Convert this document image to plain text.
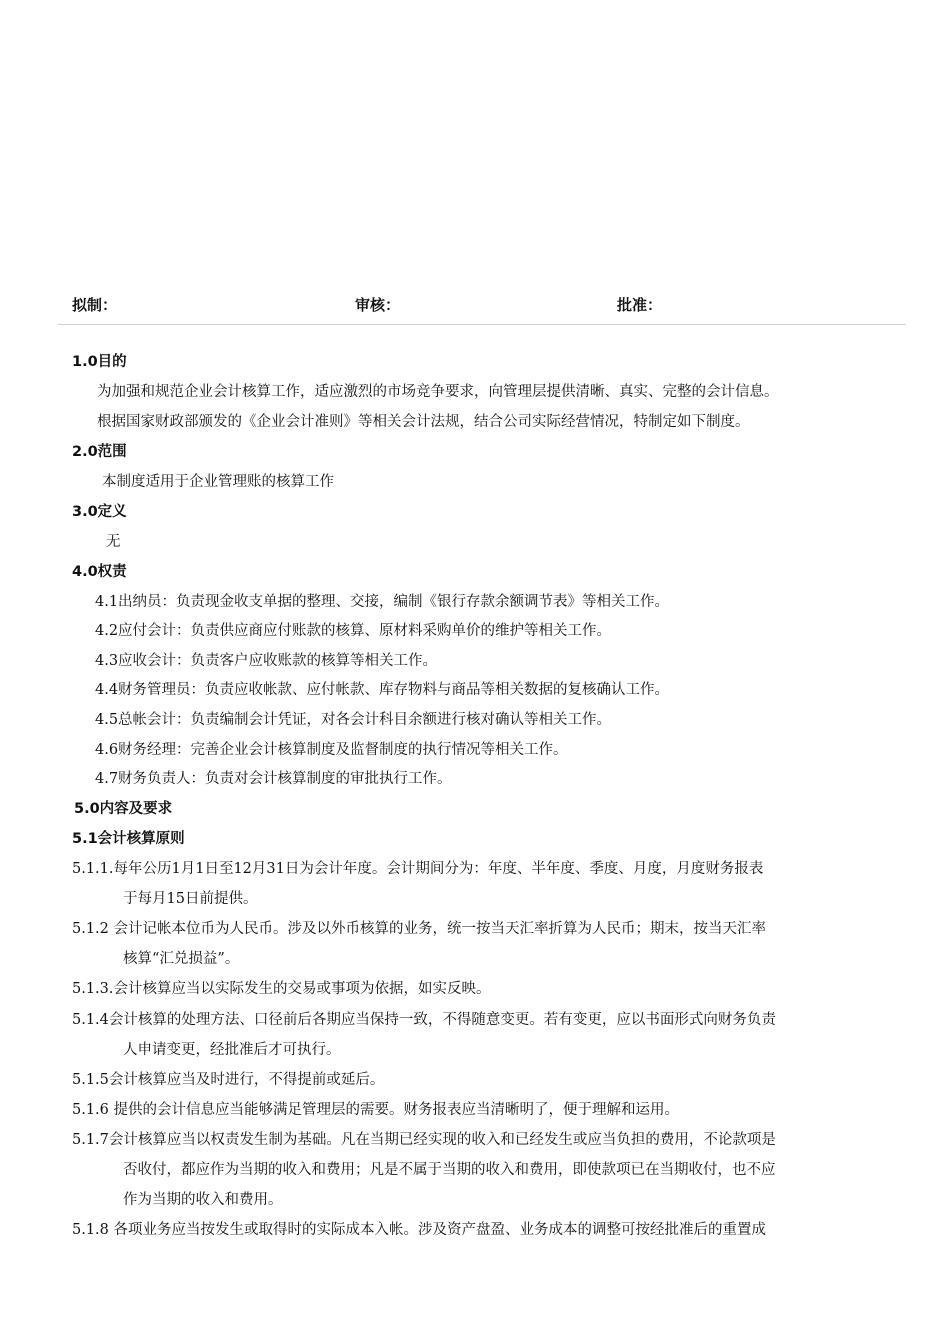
拟制：	审核：	批准：
1.0目的
为加强和规范企业会计核算工作，适应激烈的市场竞争要求，向管理层提供清晰、真实、完整的会计信息。
根据国家财政部颁发的《企业会计准则》等相关会计法规，结合公司实际经营情况，特制定如下制度。
2.0范围
本制度适用于企业管理账的核算工作
3.0定义
无
4.0权责
4.1出纳员：负责现金收支单据的整理、交接，编制《银行存款余额调节表》等相关工作。
4.2应付会计：负责供应商应付账款的核算、原材料采购单价的维护等相关工作。
4.3应收会计：负责客户应收账款的核算等相关工作。
4.4财务管理员：负责应收帐款、应付帐款、库存物料与商品等相关数据的复核确认工作。
4.5总帐会计：负责编制会计凭证，对各会计科目余额进行核对确认等相关工作。
4.6财务经理：完善企业会计核算制度及监督制度的执行情况等相关工作。
4.7财务负责人：负责对会计核算制度的审批执行工作。
5.0内容及要求
5.1会计核算原则
5.1.1.每年公历1月1日至12月31日为会计年度。会计期间分为：年度、半年度、季度、月度，月度财务报表
于每月15日前提供。
5.1.2 会计记帐本位币为人民币。涉及以外币核算的业务，统一按当天汇率折算为人民币；期末，按当天汇率
核算“汇兑损益”。
5.1.3.会计核算应当以实际发生的交易或事项为依据，如实反映。
5.1.4会计核算的处理方法、口径前后各期应当保持一致，不得随意变更。若有变更，应以书面形式向财务负责
人申请变更，经批准后才可执行。
5.1.5会计核算应当及时进行，不得提前或延后。
5.1.6 提供的会计信息应当能够满足管理层的需要。财务报表应当清晰明了，便于理解和运用。
5.1.7会计核算应当以权责发生制为基础。凡在当期已经实现的收入和已经发生或应当负担的费用，不论款项是
否收付，都应作为当期的收入和费用；凡是不属于当期的收入和费用，即使款项已在当期收付，也不应
作为当期的收入和费用。
5.1.8 各项业务应当按发生或取得时的实际成本入帐。涉及资产盘盈、业务成本的调整可按经批准后的重置成
